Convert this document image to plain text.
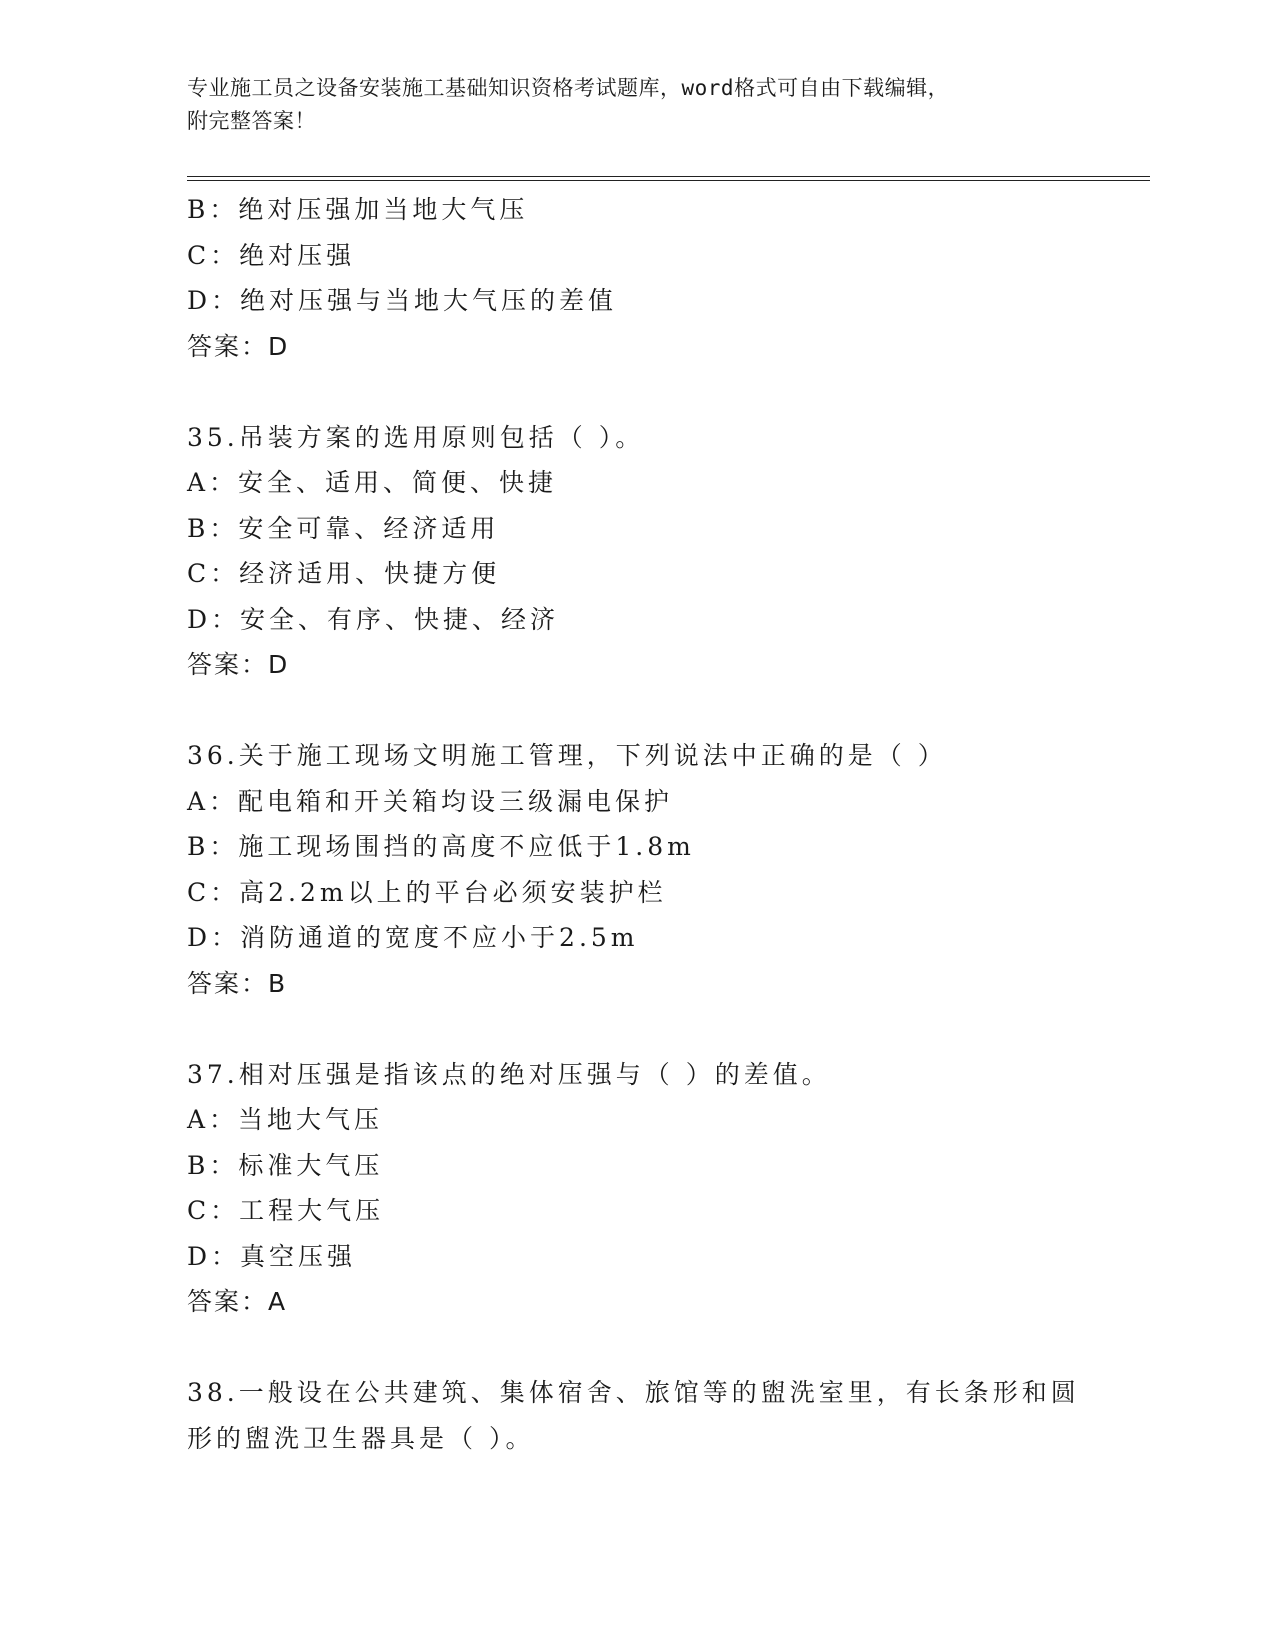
专业施工员之设备安装施工基础知识资格考试题库，word格式可自由下载编辑，
附完整答案！
B：绝对压强加当地大气压
C：绝对压强
D：绝对压强与当地大气压的差值
答案：D
35.吊装方案的选用原则包括（ ）。
A：安全、适用、简便、快捷
B：安全可靠、经济适用
C：经济适用、快捷方便
D：安全、有序、快捷、经济
答案：D
36.关于施工现场文明施工管理，下列说法中正确的是（ ）
A：配电箱和开关箱均设三级漏电保护
B：施工现场围挡的高度不应低于1.8m
C：高2.2m以上的平台必须安装护栏
D：消防通道的宽度不应小于2.5m
答案：B
37.相对压强是指该点的绝对压强与（ ）的差值。
A：当地大气压
B：标准大气压
C：工程大气压
D：真空压强
答案：A
38.一般设在公共建筑、集体宿舍、旅馆等的盥洗室里，有长条形和圆
形的盥洗卫生器具是（ ）。
